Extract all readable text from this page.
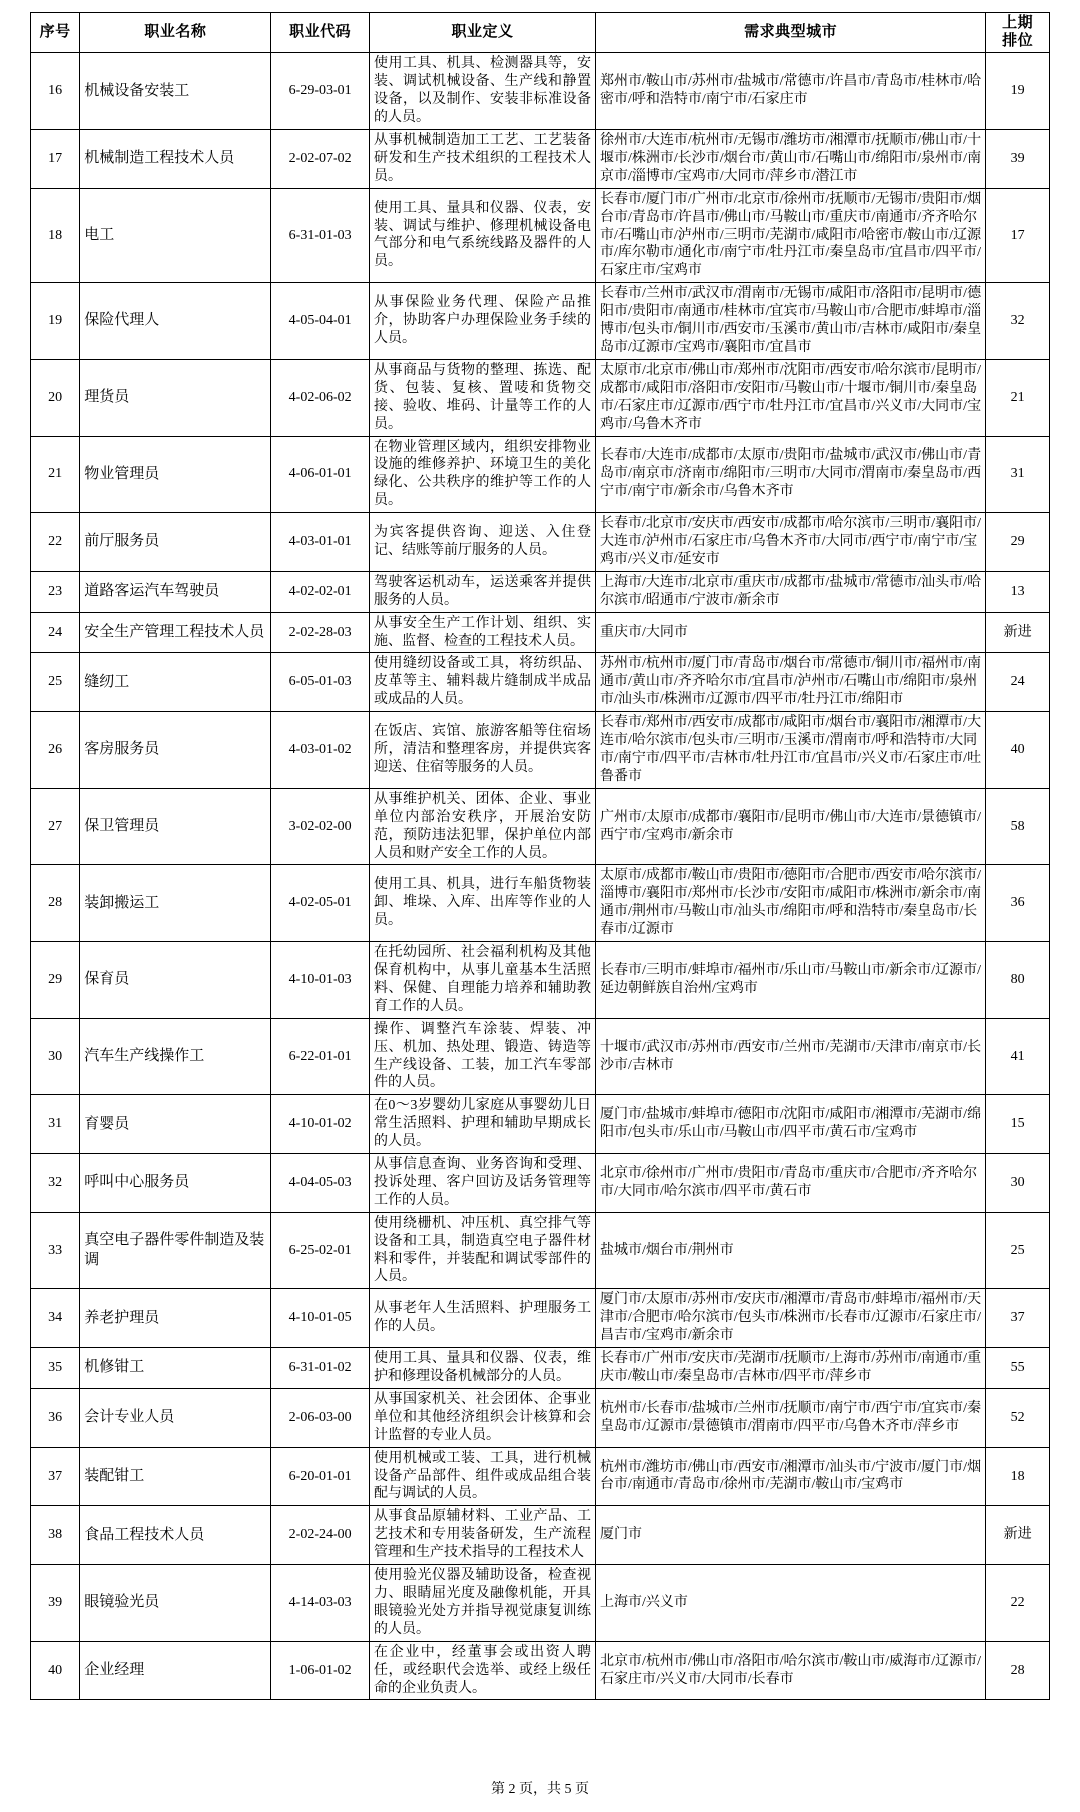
序号	职业名称	职业代码	职业定义	需求典型城市	上期
排位

16	机械设备安装工	6-29-03-01	使用工具、机具、检测器具等，安装、调试机械设备、生产线和静置设备，以及制作、安装非标准设备的人员。	郑州市/鞍山市/苏州市/盐城市/常德市/许昌市/青岛市/桂林市/哈密市/呼和浩特市/南宁市/石家庄市	19
17	机械制造工程技术人员	2-02-07-02	从事机械制造加工工艺、工艺装备研发和生产技术组织的工程技术人员。	徐州市/大连市/杭州市/无锡市/潍坊市/湘潭市/抚顺市/佛山市/十堰市/株洲市/长沙市/烟台市/黄山市/石嘴山市/绵阳市/泉州市/南京市/淄博市/宝鸡市/大同市/萍乡市/潜江市	39
18	电工	6-31-01-03	使用工具、量具和仪器、仪表，安装、调试与维护、修理机械设备电气部分和电气系统线路及器件的人员。	长春市/厦门市/广州市/北京市/徐州市/抚顺市/无锡市/贵阳市/烟台市/青岛市/许昌市/佛山市/马鞍山市/重庆市/南通市/齐齐哈尔市/石嘴山市/泸州市/三明市/芜湖市/咸阳市/哈密市/鞍山市/辽源市/库尔勒市/通化市/南宁市/牡丹江市/秦皇岛市/宜昌市/四平市/石家庄市/宝鸡市	17
19	保险代理人	4-05-04-01	从事保险业务代理、保险产品推介，协助客户办理保险业务手续的人员。	长春市/兰州市/武汉市/渭南市/无锡市/咸阳市/洛阳市/昆明市/德阳市/贵阳市/南通市/桂林市/宜宾市/马鞍山市/合肥市/蚌埠市/淄博市/包头市/铜川市/西安市/玉溪市/黄山市/吉林市/咸阳市/秦皇岛市/辽源市/宝鸡市/襄阳市/宜昌市	32
20	理货员	4-02-06-02	从事商品与货物的整理、拣选、配货、包装、复核、置唛和货物交接、验收、堆码、计量等工作的人员。	太原市/北京市/佛山市/郑州市/沈阳市/西安市/哈尔滨市/昆明市/成都市/咸阳市/洛阳市/安阳市/马鞍山市/十堰市/铜川市/秦皇岛市/石家庄市/辽源市/西宁市/牡丹江市/宜昌市/兴义市/大同市/宝鸡市/乌鲁木齐市	21
21	物业管理员	4-06-01-01	在物业管理区域内，组织安排物业设施的维修养护、环境卫生的美化绿化、公共秩序的维护等工作的人员。	长春市/大连市/成都市/太原市/贵阳市/盐城市/武汉市/佛山市/青岛市/南京市/济南市/绵阳市/三明市/大同市/渭南市/秦皇岛市/西宁市/南宁市/新余市/乌鲁木齐市	31
22	前厅服务员	4-03-01-01	为宾客提供咨询、迎送、入住登记、结账等前厅服务的人员。	长春市/北京市/安庆市/西安市/成都市/哈尔滨市/三明市/襄阳市/大连市/泸州市/石家庄市/乌鲁木齐市/大同市/西宁市/南宁市/宝鸡市/兴义市/延安市	29
23	道路客运汽车驾驶员	4-02-02-01	驾驶客运机动车，运送乘客并提供服务的人员。	上海市/大连市/北京市/重庆市/成都市/盐城市/常德市/汕头市/哈尔滨市/昭通市/宁波市/新余市	13
24	安全生产管理工程技术人员	2-02-28-03	从事安全生产工作计划、组织、实施、监督、检查的工程技术人员。	重庆市/大同市	新进
25	缝纫工	6-05-01-03	使用缝纫设备或工具，将纺织品、皮革等主、辅料裁片缝制成半成品或成品的人员。	苏州市/杭州市/厦门市/青岛市/烟台市/常德市/铜川市/福州市/南通市/黄山市/齐齐哈尔市/宜昌市/泸州市/石嘴山市/绵阳市/泉州市/汕头市/株洲市/辽源市/四平市/牡丹江市/绵阳市	24
26	客房服务员	4-03-01-02	在饭店、宾馆、旅游客船等住宿场所，清洁和整理客房，并提供宾客迎送、住宿等服务的人员。	长春市/郑州市/西安市/成都市/咸阳市/烟台市/襄阳市/湘潭市/大连市/哈尔滨市/包头市/三明市/玉溪市/渭南市/呼和浩特市/大同市/南宁市/四平市/吉林市/牡丹江市/宜昌市/兴义市/石家庄市/吐鲁番市	40
27	保卫管理员	3-02-02-00	从事维护机关、团体、企业、事业单位内部治安秩序，开展治安防范，预防违法犯罪，保护单位内部人员和财产安全工作的人员。	广州市/太原市/成都市/襄阳市/昆明市/佛山市/大连市/景德镇市/西宁市/宝鸡市/新余市	58
28	装卸搬运工	4-02-05-01	使用工具、机具，进行车船货物装卸、堆垛、入库、出库等作业的人员。	太原市/成都市/鞍山市/贵阳市/德阳市/合肥市/西安市/哈尔滨市/淄博市/襄阳市/郑州市/长沙市/安阳市/咸阳市/株洲市/新余市/南通市/荆州市/马鞍山市/汕头市/绵阳市/呼和浩特市/秦皇岛市/长春市/辽源市	36
29	保育员	4-10-01-03	在托幼园所、社会福利机构及其他保育机构中，从事儿童基本生活照料、保健、自理能力培养和辅助教育工作的人员。	长春市/三明市/蚌埠市/福州市/乐山市/马鞍山市/新余市/辽源市/延边朝鲜族自治州/宝鸡市	80
30	汽车生产线操作工	6-22-01-01	操作、调整汽车涂装、焊装、冲压、机加、热处理、锻造、铸造等生产线设备、工装，加工汽车零部件的人员。	十堰市/武汉市/苏州市/西安市/兰州市/芜湖市/天津市/南京市/长沙市/吉林市	41
31	育婴员	4-10-01-02	在0～3岁婴幼儿家庭从事婴幼儿日常生活照料、护理和辅助早期成长的人员。	厦门市/盐城市/蚌埠市/德阳市/沈阳市/咸阳市/湘潭市/芜湖市/绵阳市/包头市/乐山市/马鞍山市/四平市/黄石市/宝鸡市	15
32	呼叫中心服务员	4-04-05-03	从事信息查询、业务咨询和受理、投诉处理、客户回访及话务管理等工作的人员。	北京市/徐州市/广州市/贵阳市/青岛市/重庆市/合肥市/齐齐哈尔市/大同市/哈尔滨市/四平市/黄石市	30
33	真空电子器件零件制造及装调	6-25-02-01	使用绕栅机、冲压机、真空排气等设备和工具，制造真空电子器件材料和零件，并装配和调试零部件的人员。	盐城市/烟台市/荆州市	25
34	养老护理员	4-10-01-05	从事老年人生活照料、护理服务工作的人员。	厦门市/太原市/苏州市/安庆市/湘潭市/青岛市/蚌埠市/福州市/天津市/合肥市/哈尔滨市/包头市/株洲市/长春市/辽源市/石家庄市/昌吉市/宝鸡市/新余市	37
35	机修钳工	6-31-01-02	使用工具、量具和仪器、仪表，维护和修理设备机械部分的人员。	长春市/广州市/安庆市/芜湖市/抚顺市/上海市/苏州市/南通市/重庆市/鞍山市/秦皇岛市/吉林市/四平市/萍乡市	55
36	会计专业人员	2-06-03-00	从事国家机关、社会团体、企事业单位和其他经济组织会计核算和会计监督的专业人员。	杭州市/长春市/盐城市/兰州市/抚顺市/南宁市/西宁市/宜宾市/秦皇岛市/辽源市/景德镇市/渭南市/四平市/乌鲁木齐市/萍乡市	52
37	装配钳工	6-20-01-01	使用机械或工装、工具，进行机械设备产品部件、组件或成品组合装配与调试的人员。	杭州市/潍坊市/佛山市/西安市/湘潭市/汕头市/宁波市/厦门市/烟台市/南通市/青岛市/徐州市/芜湖市/鞍山市/宝鸡市	18
38	食品工程技术人员	2-02-24-00	从事食品原辅材料、工业产品、工艺技术和专用装备研发，生产流程管理和生产技术指导的工程技术人	厦门市	新进
39	眼镜验光员	4-14-03-03	使用验光仪器及辅助设备，检查视力、眼睛屈光度及融像机能，开具眼镜验光处方并指导视觉康复训练的人员。	上海市/兴义市	22
40	企业经理	1-06-01-02	在企业中，经董事会或出资人聘任，或经职代会选举、或经上级任命的企业负责人。	北京市/杭州市/佛山市/洛阳市/哈尔滨市/鞍山市/威海市/辽源市/石家庄市/兴义市/大同市/长春市	28
第 2 页，共 5 页
